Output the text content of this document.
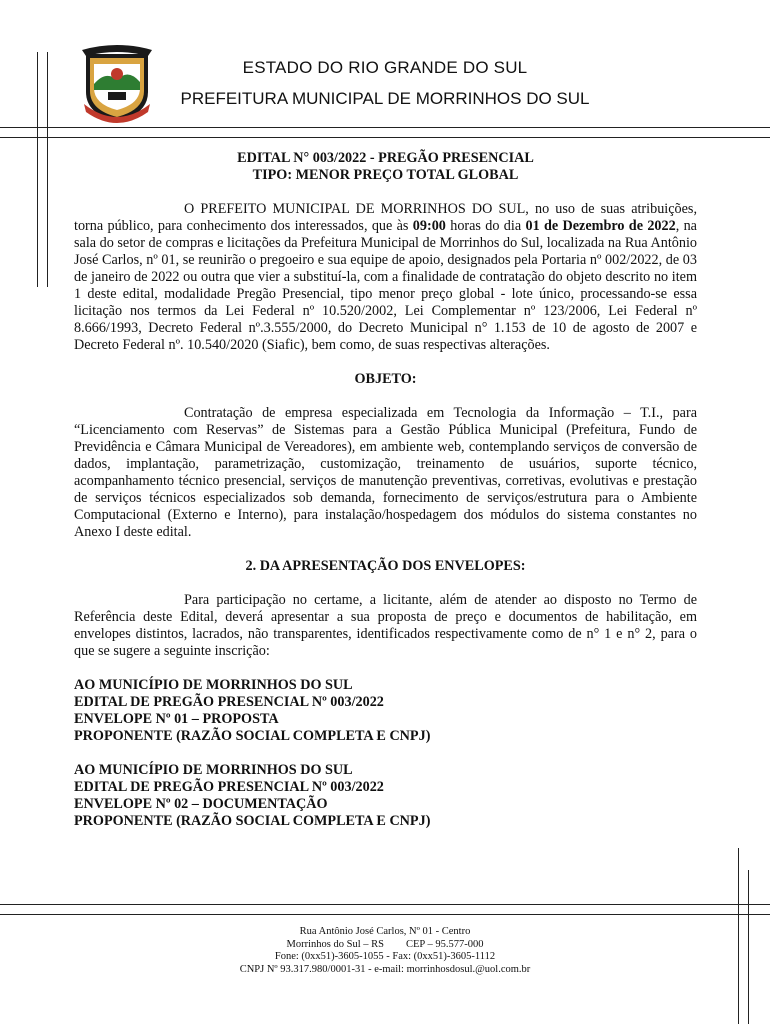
ESTADO DO RIO GRANDE DO SUL
PREFEITURA MUNICIPAL DE MORRINHOS DO SUL
EDITAL N° 003/2022 - PREGÃO PRESENCIAL
TIPO: MENOR PREÇO TOTAL GLOBAL

O PREFEITO MUNICIPAL DE MORRINHOS DO SUL, no uso de suas atribuições, torna público, para conhecimento dos interessados, que às 09:00 horas do dia 01 de Dezembro de 2022, na sala do setor de compras e licitações da Prefeitura Municipal de Morrinhos do Sul, localizada na Rua Antônio José Carlos, nº 01, se reunirão o pregoeiro e sua equipe de apoio, designados pela Portaria nº 002/2022, de 03 de janeiro de 2022 ou outra que vier a substituí-la, com a finalidade de contratação do objeto descrito no item 1 deste edital, modalidade Pregão Presencial, tipo menor preço global - lote único, processando-se essa licitação nos termos da Lei Federal nº 10.520/2002, Lei Complementar nº 123/2006, Lei Federal nº 8.666/1993, Decreto Federal nº.3.555/2000, do Decreto Municipal n° 1.153 de 10 de agosto de 2007 e Decreto Federal nº. 10.540/2020 (Siafic), bem como, de suas respectivas alterações.

OBJETO:

Contratação de empresa especializada em Tecnologia da Informação – T.I., para “Licenciamento com Reservas” de Sistemas para a Gestão Pública Municipal (Prefeitura, Fundo de Previdência e Câmara Municipal de Vereadores), em ambiente web, contemplando serviços de conversão de dados, implantação, parametrização, customização, treinamento de usuários, suporte técnico, acompanhamento técnico presencial, serviços de manutenção preventivas, corretivas, evolutivas e prestação de serviços técnicos especializados sob demanda, fornecimento de serviços/estrutura para o Ambiente Computacional (Externo e Interno), para instalação/hospedagem dos módulos do sistema constantes no Anexo I deste edital.

2. DA APRESENTAÇÃO DOS ENVELOPES:

Para participação no certame, a licitante, além de atender ao disposto no Termo de Referência deste Edital, deverá apresentar a sua proposta de preço e documentos de habilitação, em envelopes distintos, lacrados, não transparentes, identificados respectivamente como de n° 1 e n° 2, para o que se sugere a seguinte inscrição:

AO MUNICÍPIO DE MORRINHOS DO SUL

EDITAL DE PREGÃO PRESENCIAL Nº 003/2022

ENVELOPE Nº 01 – PROPOSTA

PROPONENTE (RAZÃO SOCIAL COMPLETA E CNPJ)

AO MUNICÍPIO DE MORRINHOS DO SUL

EDITAL DE PREGÃO PRESENCIAL Nº 003/2022

ENVELOPE Nº 02 – DOCUMENTAÇÃO

PROPONENTE (RAZÃO SOCIAL COMPLETA E CNPJ)

Rua Antônio José Carlos, Nº 01 - Centro
Morrinhos do Sul – RS CEP – 95.577-000
Fone: (0xx51)-3605-1055 - Fax: (0xx51)-3605-1112
CNPJ Nº 93.317.980/0001-31 - e-mail: morrinhosdosul.@uol.com.br
